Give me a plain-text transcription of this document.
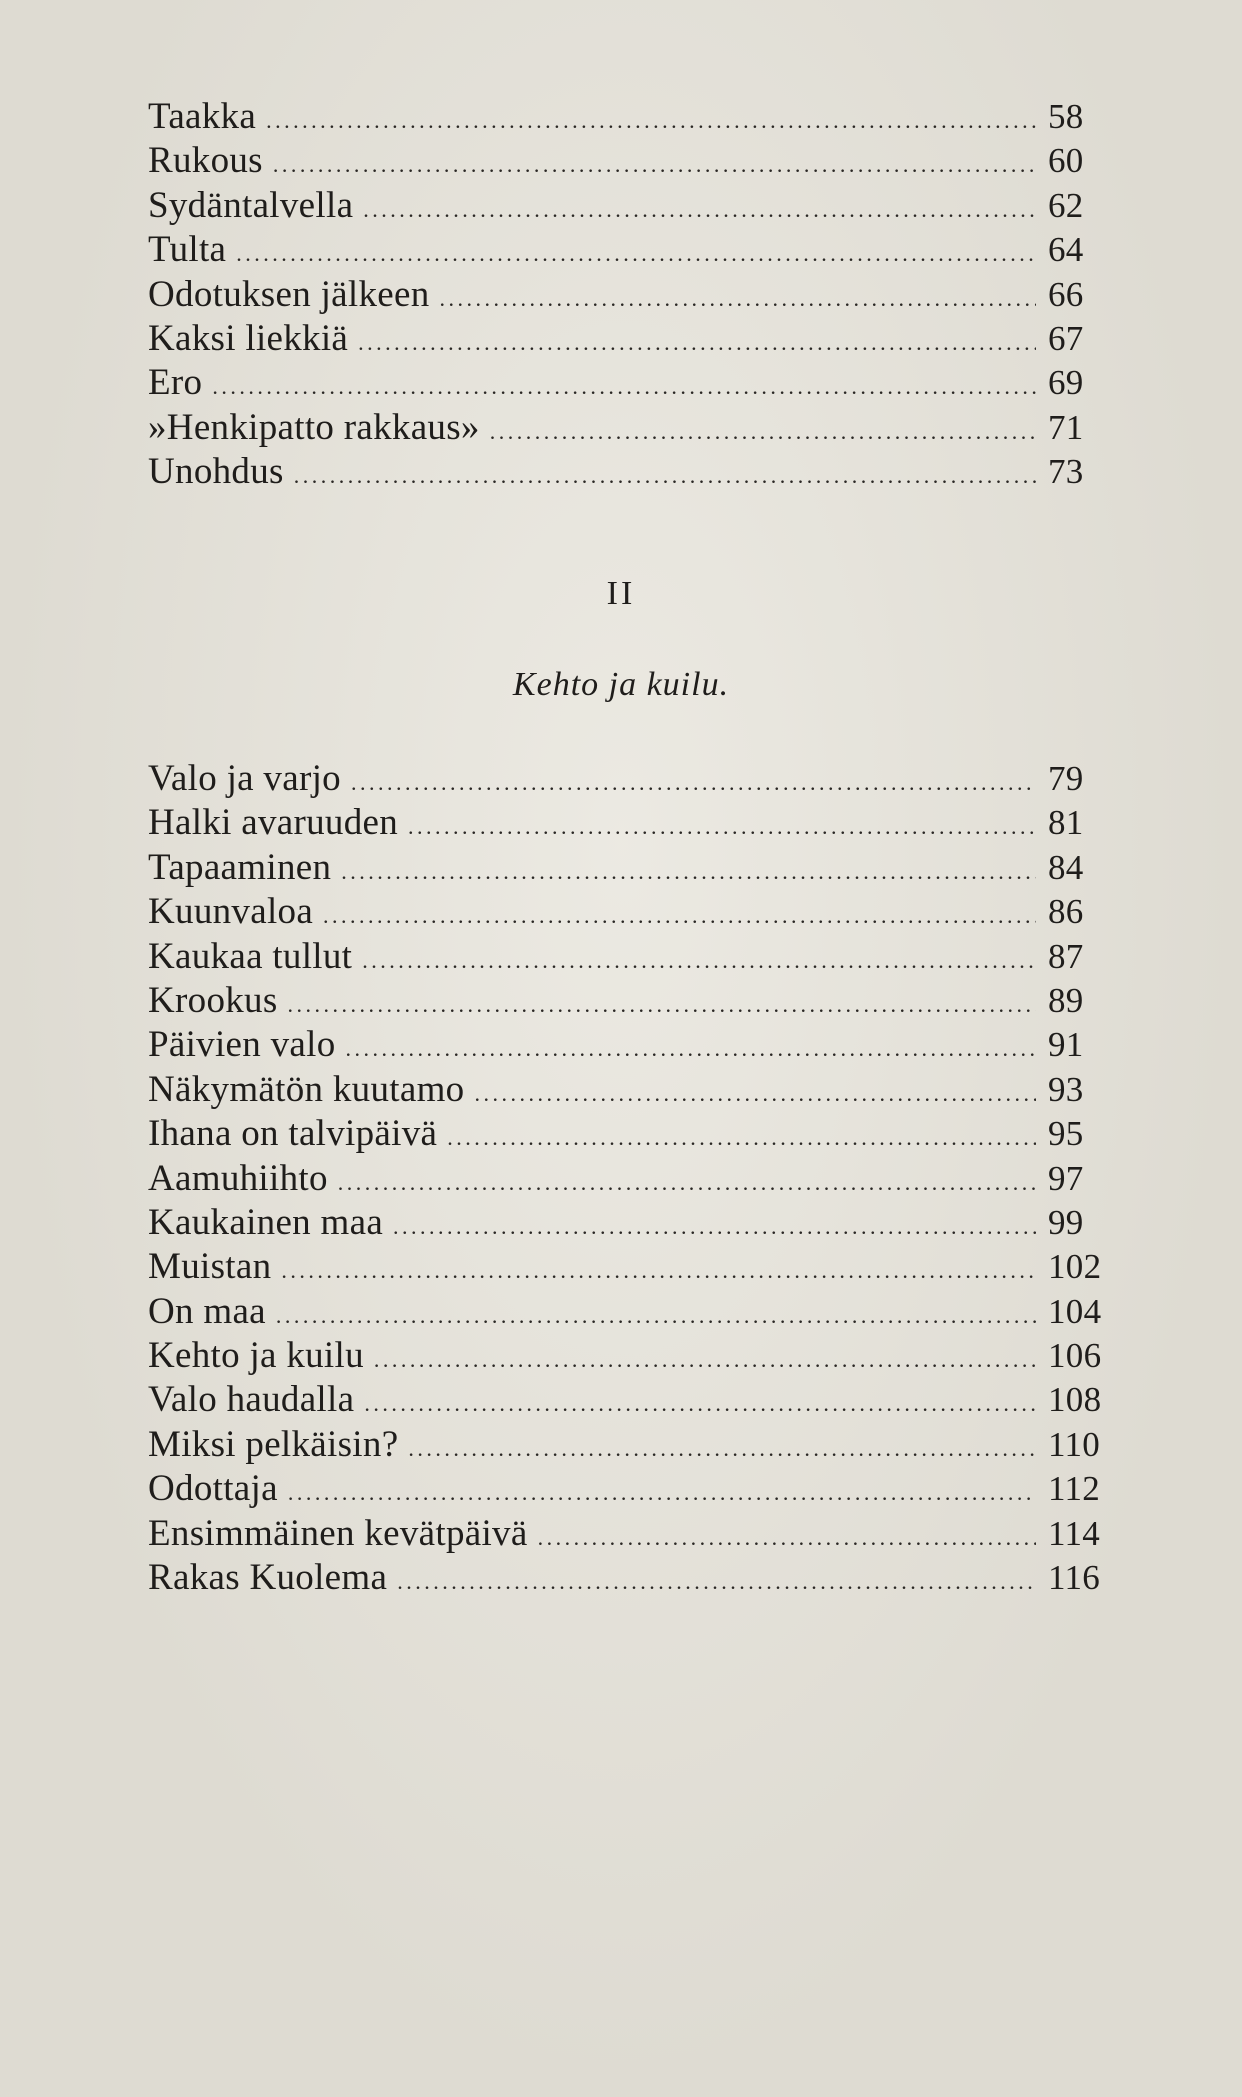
Taakka . . .	58
Rukous . . .	60
Sydäntalvella . . .	62
Tulta . . .	64
Odotuksen jälkeen . . .	66
Kaksi liekkiä . . .	67
Ero . . .	69
»Henkipatto rakkaus» . . .	71
Unohdus . . .	73
II
Kehto ja kuilu.
Valo ja varjo . . .	79
Halki avaruuden . . .	81
Tapaaminen . . .	84
Kuunvaloa . . .	86
Kaukaa tullut . . .	87
Krookus . . .	89
Päivien valo . . .	91
Näkymätön kuutamo . . .	93
Ihana on talvipäivä . . .	95
Aamuhiihto . . .	97
Kaukainen maa . . .	99
Muistan . . .	102
On maa . . .	104
Kehto ja kuilu . . .	106
Valo haudalla . . .	108
Miksi pelkäisin? . . .	110
Odottaja . . .	112
Ensimmäinen kevätpäivä . . .	114
Rakas Kuolema . . .	116
